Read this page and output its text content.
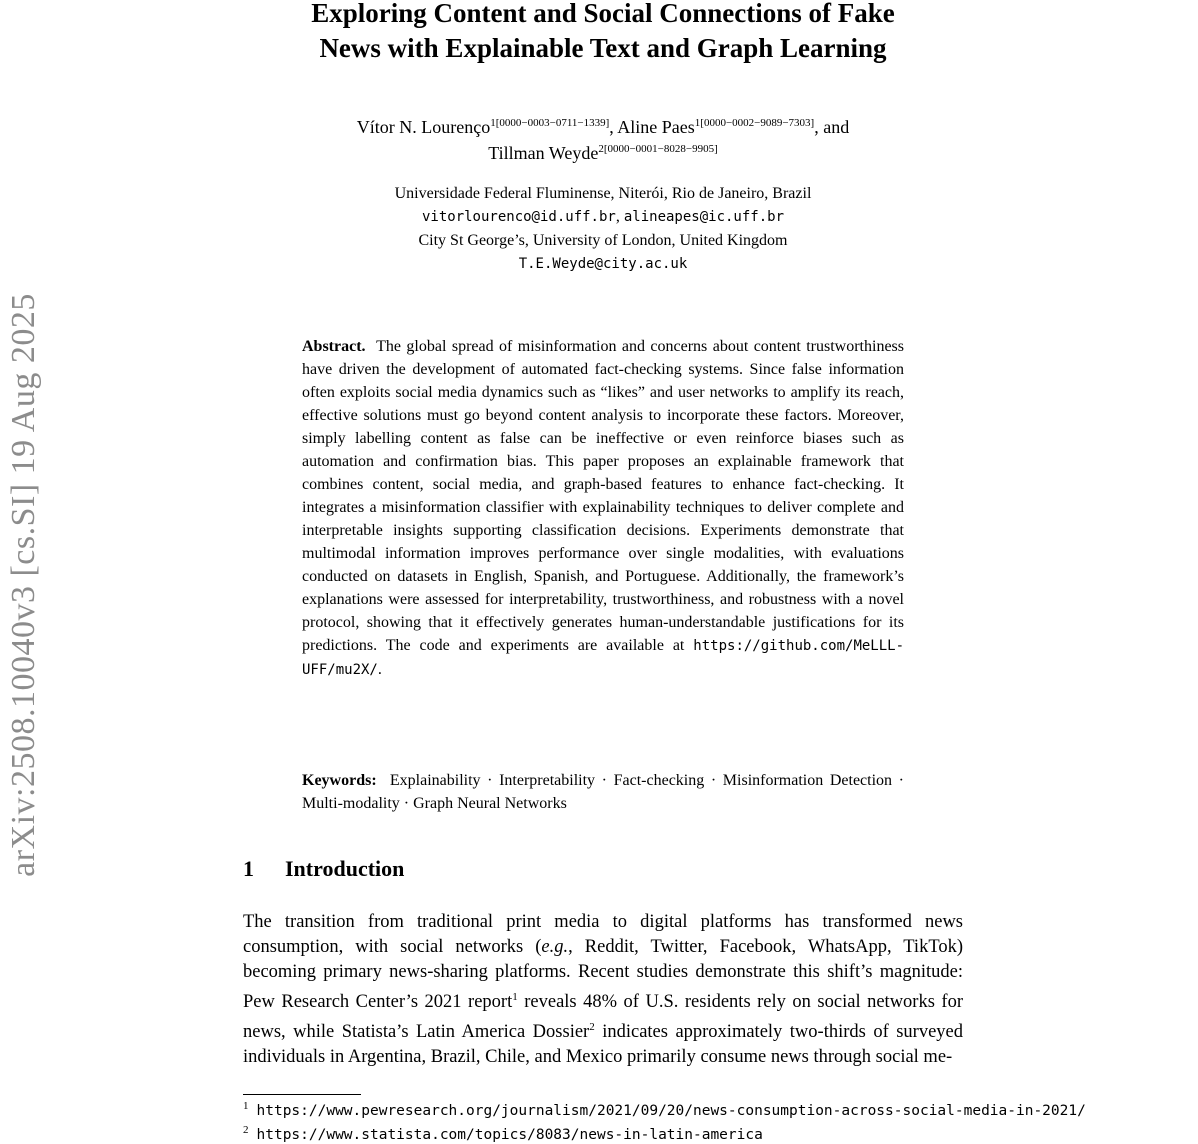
arXiv:2508.10040v3 [cs.SI] 19 Aug 2025
Exploring Content and Social Connections of Fake
News with Explainable Text and Graph Learning
Vítor N. Lourenço$^{1[0000-0003-0711-1339]}$, Aline Paes$^{1[0000-0002-9089-7303]}$, and
Tillman Weyde$^{2[0000-0001-8028-9905]}$
Universidade Federal Fluminense, Niterói, Rio de Janeiro, Brazil
vitorlourenco@id.uff.br, alineapes@ic.uff.br
City St George’s, University of London, United Kingdom
T.E.Weyde@city.ac.uk
Abstract. The global spread of misinformation and concerns about content trustworthiness have driven the development of automated fact-checking systems. Since false information often exploits social media dynamics such as “likes” and user networks to amplify its reach, effective solutions must go beyond content analysis to incorporate these factors. Moreover, simply labelling content as false can be ineffective or even reinforce biases such as automation and confirmation bias. This paper proposes an explainable framework that combines content, social media, and graph-based features to enhance fact-checking. It integrates a misinformation classifier with explainability techniques to deliver complete and interpretable insights supporting classification decisions. Experiments demonstrate that multimodal information improves performance over single modalities, with evaluations conducted on datasets in English, Spanish, and Portuguese. Additionally, the framework’s explanations were assessed for interpretability, trustworthiness, and robustness with a novel protocol, showing that it effectively generates human-understandable justifications for its predictions. The code and experiments are available at https://github.com/MeLLL-UFF/mu2X/.
Keywords: Explainability · Interpretability · Fact-checking · Misinformation Detection · Multi-modality · Graph Neural Networks
1 Introduction
The transition from traditional print media to digital platforms has transformed news consumption, with social networks (e.g., Reddit, Twitter, Facebook, WhatsApp, TikTok) becoming primary news-sharing platforms. Recent studies demonstrate this shift’s magnitude: Pew Research Center’s 2021 report$^1$ reveals 48% of U.S. residents rely on social networks for news, while Statista’s Latin America Dossier$^2$ indicates approximately two-thirds of surveyed individuals in Argentina, Brazil, Chile, and Mexico primarily consume news through social me-
$^1$ https://www.pewresearch.org/journalism/2021/09/20/news-consumption-across-social-media-in-2021/
$^2$ https://www.statista.com/topics/8083/news-in-latin-america
